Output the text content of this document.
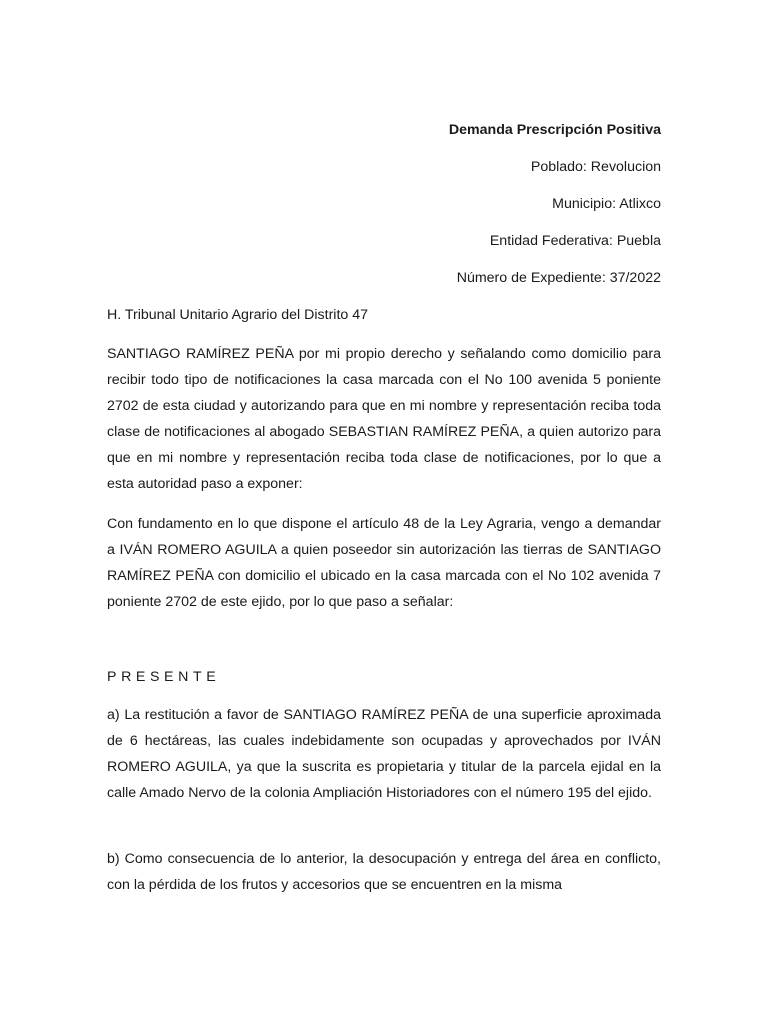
Demanda Prescripción Positiva
Poblado: Revolucion
Municipio: Atlixco
Entidad Federativa: Puebla
Número de Expediente: 37/2022
H. Tribunal Unitario Agrario del Distrito 47
SANTIAGO RAMÍREZ PEÑA por mi propio derecho y señalando como domicilio para recibir todo tipo de notificaciones la casa marcada con el No 100 avenida 5 poniente 2702 de esta ciudad y autorizando para que en mi nombre y representación reciba toda clase de notificaciones al abogado SEBASTIAN RAMÍREZ PEÑA, a quien autorizo para que en mi nombre y representación reciba toda clase de notificaciones, por lo que a esta autoridad paso a exponer:
Con fundamento en lo que dispone el artículo 48 de la Ley Agraria, vengo a demandar a IVÁN ROMERO AGUILA a quien poseedor sin autorización las tierras de SANTIAGO RAMÍREZ PEÑA con domicilio el ubicado en la casa marcada con el No 102 avenida 7 poniente 2702 de este ejido, por lo que paso a señalar:
PRESENTE
a) La restitución a favor de SANTIAGO RAMÍREZ PEÑA de una superficie aproximada de 6 hectáreas, las cuales indebidamente son ocupadas y aprovechados por IVÁN ROMERO AGUILA, ya que la suscrita es propietaria y titular de la parcela ejidal en la calle Amado Nervo de la colonia Ampliación Historiadores con el número 195 del ejido.
b) Como consecuencia de lo anterior, la desocupación y entrega del área en conflicto, con la pérdida de los frutos y accesorios que se encuentren en la misma
